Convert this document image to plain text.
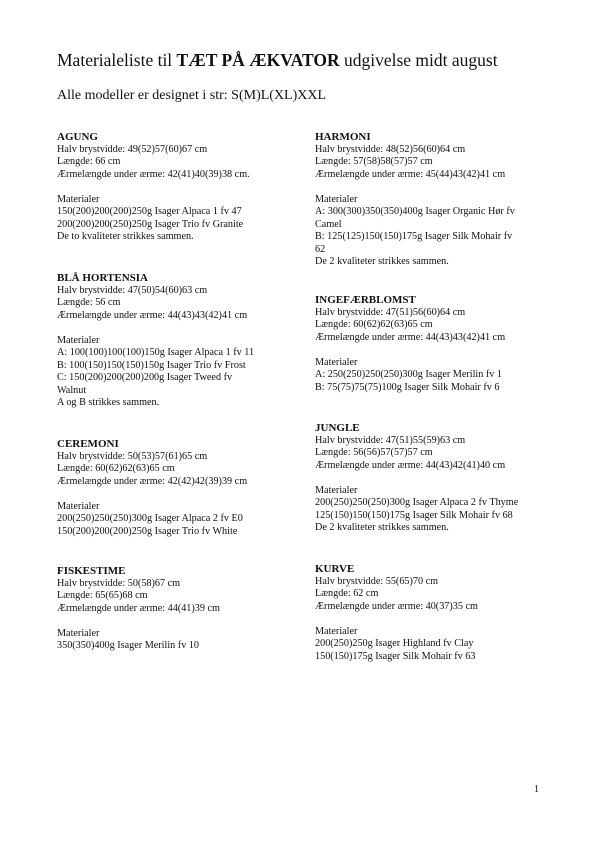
Materialeliste til TÆT PÅ ÆKVATOR udgivelse midt august
Alle modeller er designet i str: S(M)L(XL)XXL
AGUNG
Halv brystvidde: 49(52)57(60)67 cm
Længde: 66 cm
Ærmelængde under ærme: 42(41)40(39)38 cm.
Materialer
150(200)200(200)250g Isager Alpaca 1 fv 47
200(200)200(250)250g Isager Trio fv Granite
De to kvaliteter strikkes sammen.
BLÅ HORTENSIA
Halv brystvidde: 47(50)54(60)63 cm
Længde: 56 cm
Ærmelængde under ærme: 44(43)43(42)41 cm
Materialer
A: 100(100)100(100)150g Isager Alpaca 1 fv 11
B: 100(150)150(150)150g Isager Trio fv Frost
C: 150(200)200(200)200g Isager Tweed fv
Walnut
A og B strikkes sammen.
CEREMONI
Halv brystvidde: 50(53)57(61)65 cm
Længde: 60(62)62(63)65 cm
Ærmelængde under ærme: 42(42)42(39)39 cm
Materialer
200(250)250(250)300g Isager Alpaca 2 fv E0
150(200)200(200)250g Isager Trio fv White
FISKESTIME
Halv brystvidde: 50(58)67 cm
Længde: 65(65)68 cm
Ærmelængde under ærme: 44(41)39 cm
Materialer
350(350)400g Isager Merilin fv 10
HARMONI
Halv brystvidde: 48(52)56(60)64 cm
Længde: 57(58)58(57)57 cm
Ærmelængde under ærme: 45(44)43(42)41 cm
Materialer
A: 300(300)350(350)400g Isager Organic Hør fv
Camel
B: 125(125)150(150)175g Isager Silk Mohair fv
62
De 2 kvaliteter strikkes sammen.
INGEFÆRBLOMST
Halv brystvidde: 47(51)56(60)64 cm
Længde: 60(62)62(63)65 cm
Ærmelængde under ærme: 44(43)43(42)41 cm
Materialer
A: 250(250)250(250)300g Isager Merilin fv 1
B: 75(75)75(75)100g Isager Silk Mohair fv 6
JUNGLE
Halv brystvidde: 47(51)55(59)63 cm
Længde: 56(56)57(57)57 cm
Ærmelængde under ærme: 44(43)42(41)40 cm
Materialer
200(250)250(250)300g Isager Alpaca 2 fv Thyme
125(150)150(150)175g Isager Silk Mohair fv 68
De 2 kvaliteter strikkes sammen.
KURVE
Halv brystvidde: 55(65)70 cm
Længde: 62 cm
Ærmelængde under ærme: 40(37)35 cm
Materialer
200(250)250g Isager Highland fv Clay
150(150)175g Isager Silk Mohair fv 63
1
